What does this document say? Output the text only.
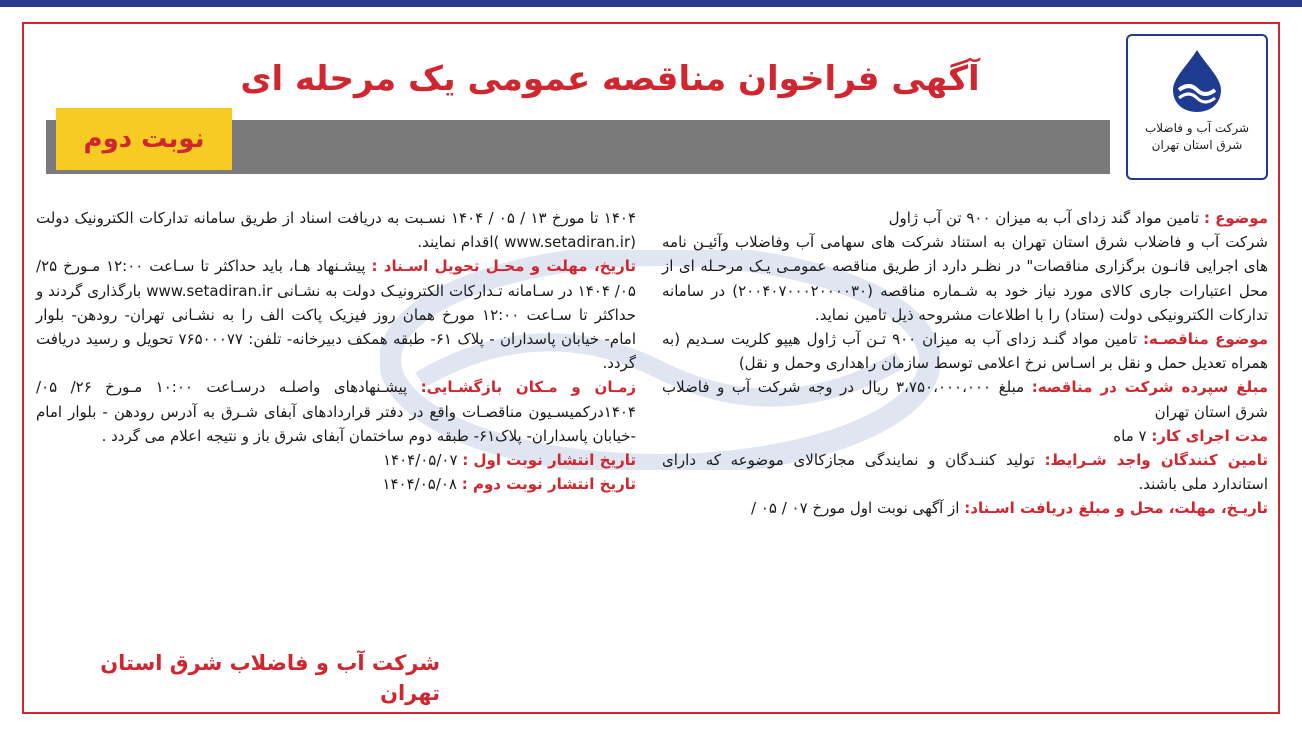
شرکت آب و فاضلاب
شرق استان تهران
آگهی فراخوان مناقصه عمومی یک مرحله ای
نوبت دوم

موضوع : تامین مواد گند زدای آب به میزان ۹۰۰ تن آب ژاول

شرکت آب و فاضلاب شرق استان تهران به استناد شرکت های سهامی آب وفاضلاب وآئیـن نامه های اجرایی قانـون برگزاری مناقصات" در نظـر دارد از طریق مناقصه عمومـی یـک مرحـله ای از محل اعتبارات جاری کالای مورد نیاز خود به شـماره مناقصه (۲۰۰۴۰۷۰۰۰۲۰۰۰۰۳۰) در سامانه تدارکات الکترونیکی دولت (ستاد) را با اطلاعات مشروحه ذیل تامین نماید.

موضوع مناقصـه: تامین مواد گنـد زدای آب به میزان ۹۰۰ تـن آب ژاول هیپو کلریت سـدیم (به همراه تعدیل حمل و نقل بر اسـاس نرخ اعلامی توسط سازمان راهداری وحمل و نقل)

مبلغ سپرده شرکت در مناقصه: مبلغ ۳،۷۵۰،۰۰۰،۰۰۰ ریال در وجه شرکت آب و فاضلاب شرق استان تهران

مدت اجرای کار: ۷ ماه

تامین کنندگان واجد شـرایط: تولید کننـدگان و نمایندگی مجازکالای موضوعه که دارای استاندارد ملی باشند.

تاریـخ، مهلت، محل و مبلغ دریافت اسـناد: از آگهی نوبت اول مورخ ۰۷ / ۰۵ /

۱۴۰۴ تا مورخ ۱۳ / ۰۵ / ۱۴۰۴ نسـبت به دریافت اسناد از طریق سامانه تدارکات الکترونیک دولت (www.setadiran.ir )اقدام نمایند.

تاریخ، مهلت و محـل تحویل اسـناد : پیشـنهاد هـا، باید حداکثر تا سـاعت ۱۲:۰۰ مـورخ ۲۵/ ۰۵/ ۱۴۰۴ در سـامانه تـدارکات الکترونیـک دولت به نشـانی www.setadiran.ir بارگذاری گردند و حداکثر تا سـاعت ۱۲:۰۰ مورخ همان روز فیزیک پاکت الف را به نشـانی تهران- رودهن- بلوار امام- خیابان پاسداران - پلاک ۶۱- طبقه همکف دبیرخانه- تلفن: ۷۶۵۰۰۰۷۷ تحویل و رسید دریافت گردد.

زمـان و مـکان بازگشـایی: پیشـنهادهای واصلـه درسـاعت ۱۰:۰۰ مـورخ ۲۶/ ۰۵/ ۱۴۰۴درکمیسـیون مناقصـات واقع در دفتر قراردادهای آبفای شـرق به آدرس رودهن - بلوار امام -خیابان پاسداران- پلاک۶۱- طبقه دوم ساختمان آبفای شرق باز و نتیجه اعلام می گردد .

تاریخ انتشار نوبت اول : ۱۴۰۴/۰۵/۰۷

تاریخ انتشار نوبت دوم : ۱۴۰۴/۰۵/۰۸

شرکت آب و فاضلاب شرق استان تهران
